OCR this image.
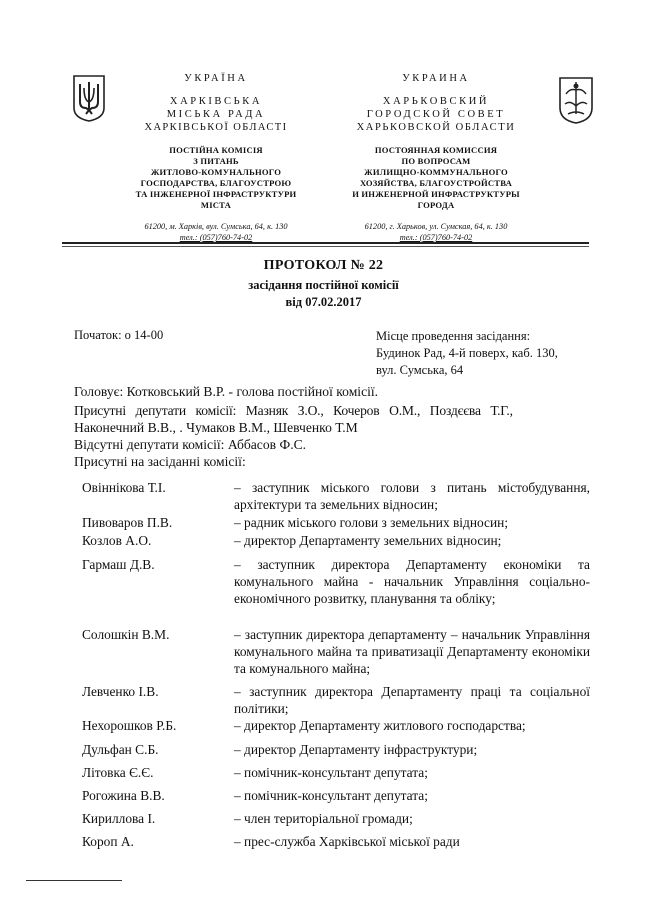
УКРАЇНА
ХАРКІВСЬКА
МІСЬКА РАДА
ХАРКІВСЬКОЇ ОБЛАСТІ
ПОСТІЙНА КОМІСІЯ
З ПИТАНЬ
ЖИТЛОВО-КОМУНАЛЬНОГО
ГОСПОДАРСТВА, БЛАГОУСТРОЮ
ТА ІНЖЕНЕРНОЇ ІНФРАСТРУКТУРИ
МІСТА
61200, м. Харків, вул. Сумська, 64, к. 130
тел.: (057)760-74-02
УКРАИНА
ХАРЬКОВСКИЙ
ГОРОДСКОЙ СОВЕТ
ХАРЬКОВСКОЙ ОБЛАСТИ
ПОСТОЯННАЯ КОМИССИЯ
ПО ВОПРОСАМ
ЖИЛИЩНО-КОММУНАЛЬНОГО
ХОЗЯЙСТВА, БЛАГОУСТРОЙСТВА
И ИНЖЕНЕРНОЙ ИНФРАСТРУКТУРЫ
ГОРОДА
61200, г. Харьков, ул. Сумская, 64, к. 130
тел.: (057)760-74-02
ПРОТОКОЛ № 22
засідання постійної комісії
від 07.02.2017
Початок: о 14-00	Місце проведення засідання:
Будинок Рад, 4-й поверх, каб. 130,
вул. Сумська, 64
Головує: Котковський В.Р. - голова постійної комісії.
Присутні   депутати   комісії:   Мазняк   З.О.,   Кочеров   О.М.,   Поздєєва   Т.Г.,
Наконечний В.В., . Чумаков В.М., Шевченко Т.М
Відсутні депутати комісії: Аббасов Ф.С.
Присутні на засіданні комісії:
Овіннікова Т.І.	– заступник міського голови з питань містобудування, архітектури та земельних відносин;
Пивоваров П.В.	– радник міського голови з земельних відносин;
Козлов А.О.	– директор Департаменту земельних відносин;
Гармаш Д.В.	– заступник директора Департаменту економіки та комунального майна - начальник Управління соціально-економічного розвитку, планування та обліку;
Солошкін В.М.	– заступник директора департаменту – начальник Управління комунального майна та приватизації Департаменту економіки та комунального майна;
Левченко І.В.	– заступник директора Департаменту праці та соціальної політики;
Нехорошков Р.Б.	– директор Департаменту житлового господарства;
Дульфан С.Б.	– директор Департаменту інфраструктури;
Літовка Є.Є.	– помічник-консультант депутата;
Рогожина В.В.	– помічник-консультант депутата;
Кириллова І.	– член територіальної громади;
Короп А.	– прес-служба Харківської міської ради
